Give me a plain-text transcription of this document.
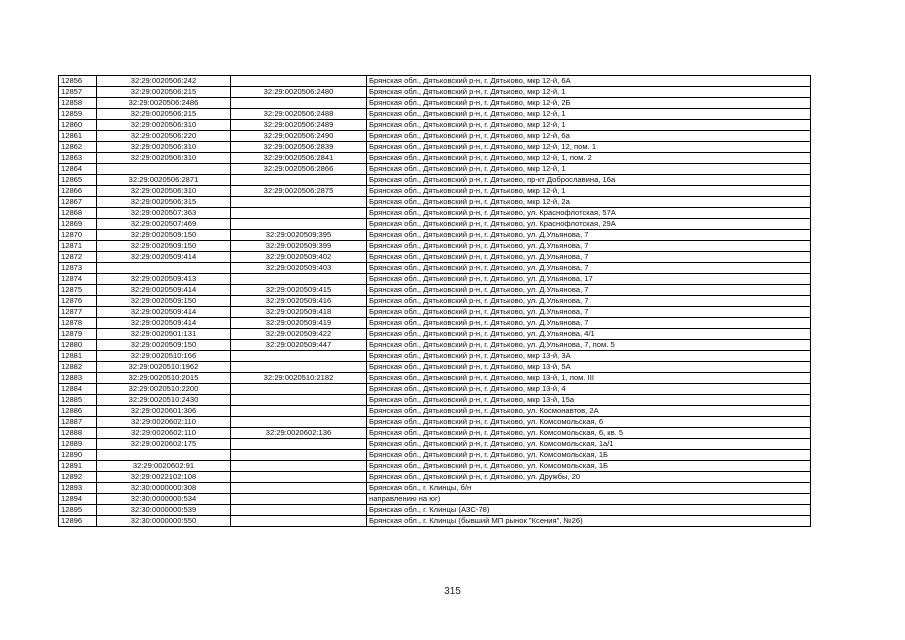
12856	32:29:0020506:242		Брянская обл., Дятьковский р-н, г. Дятьково, мкр 12-й, 6А
12857	32:29:0020506:215	32:29:0020506:2480	Брянская обл., Дятьковский р-н, г. Дятьково, мкр 12-й, 1
12858	32:29:0020506:2486		Брянская обл., Дятьковский р-н, г. Дятьково, мкр 12-й, 2Б
12859	32:29:0020506:215	32:29:0020506:2488	Брянская обл., Дятьковский р-н, г. Дятьково, мкр 12-й, 1
12860	32:29:0020506:310	32:29:0020506:2489	Брянская обл., Дятьковский р-н, г. Дятьково, мкр 12-й, 1
12861	32:29:0020506:220	32:29:0020506:2490	Брянская обл., Дятьковский р-н, г. Дятьково, мкр 12-й, 6а
12862	32:29:0020506:310	32:29:0020506:2839	Брянская обл., Дятьковский р-н, г. Дятьково, мкр 12-й, 12, пом. 1
12863	32:29:0020506:310	32:29:0020506:2841	Брянская обл., Дятьковский р-н, г. Дятьково, мкр 12-й, 1, пом. 2
12864		32:29:0020506:2866	Брянская обл., Дятьковский р-н, г. Дятьково, мкр 12-й, 1
12865	32:29:0020506:2871		Брянская обл., Дятьковский р-н, г. Дятьково, пр-кт Доброславина, 16а
12866	32:29:0020506:310	32:29:0020506:2875	Брянская обл., Дятьковский р-н, г. Дятьково, мкр 12-й, 1
12867	32:29:0020506:315		Брянская обл., Дятьковский р-н, г. Дятьково, мкр 12-й, 2а
12868	32:29:0020507:363		Брянская обл., Дятьковский р-н, г. Дятьково, ул. Краснофлотская, 57А
12869	32:29:0020507:469		Брянская обл., Дятьковский р-н, г. Дятьково, ул. Краснофлотская, 29А
12870	32:29:0020509:150	32:29:0020509:395	Брянская обл., Дятьковский р-н, г. Дятьково, ул. Д.Ульянова, 7
12871	32:29:0020509:150	32:29:0020509:399	Брянская обл., Дятьковский р-н, г. Дятьково, ул. Д.Ульянова, 7
12872	32:29:0020509:414	32:29:0020509:402	Брянская обл., Дятьковский р-н, г. Дятьково, ул. Д.Ульянова, 7
12873		32:29:0020509:403	Брянская обл., Дятьковский р-н, г. Дятьково, ул. Д.Ульянова, 7
12874	32:29:0020509:413		Брянская обл., Дятьковский р-н, г. Дятьково, ул. Д.Ульянова, 17
12875	32:29:0020509:414	32:29:0020509:415	Брянская обл., Дятьковский р-н, г. Дятьково, ул. Д.Ульянова, 7
12876	32:29:0020509:150	32:29:0020509:416	Брянская обл., Дятьковский р-н, г. Дятьково, ул. Д.Ульянова, 7
12877	32:29:0020509:414	32:29:0020509:418	Брянская обл., Дятьковский р-н, г. Дятьково, ул. Д.Ульянова, 7
12878	32:29:0020509:414	32:29:0020509:419	Брянская обл., Дятьковский р-н, г. Дятьково, ул. Д.Ульянова, 7
12879	32:29:0020501:131	32:29:0020509:422	Брянская обл., Дятьковский р-н, г. Дятьково, ул. Д.Ульянова, 4/1
12880	32:29:0020509:150	32:29:0020509:447	Брянская обл., Дятьковский р-н, г. Дятьково, ул. Д.Ульянова, 7, пом. 5
12881	32:29:0020510:166		Брянская обл., Дятьковский р-н, г. Дятьково, мкр 13-й, 3А
12882	32:29:0020510:1962		Брянская обл., Дятьковский р-н, г. Дятьково, мкр 13-й, 5А
12883	32:29:0020510:2015	32:29:0020510:2182	Брянская обл., Дятьковский р-н, г. Дятьково, мкр 13-й, 1, пом. III
12884	32:29:0020510:2200		Брянская обл., Дятьковский р-н, г. Дятьково, мкр 13-й, 4
12885	32:29:0020510:2430		Брянская обл., Дятьковский р-н, г. Дятьково, мкр 13-й, 15а
12886	32:29:0020601:306		Брянская обл., Дятьковский р-н, г. Дятьково, ул. Космонавтов, 2А
12887	32:29:0020602:110		Брянская обл., Дятьковский р-н, г. Дятьково, ул. Комсомольская, 6
12888	32:29:0020602:110	32:29:0020602:136	Брянская обл., Дятьковский р-н, г. Дятьково, ул. Комсомольская, 6, кв. 5
12889	32:29:0020602:175		Брянская обл., Дятьковский р-н, г. Дятьково, ул. Комсомольская, 1а/1
12890			Брянская обл., Дятьковский р-н, г. Дятьково, ул. Комсомольская, 1Б
12891	32:29:0020602:91		Брянская обл., Дятьковский р-н, г. Дятьково, ул. Комсомольская, 1Б
12892	32:29:0022102:108		Брянская обл., Дятьковский р-н, г. Дятьково, ул. Дружбы, 20
12893	32:30:0000000:308		Брянская обл., г. Клинцы, б/н
12894	32:30:0000000:534		направлению на юг)
12895	32:30:0000000:539		Брянская обл., г. Клинцы (АЗС-78)
12896	32:30:0000000:550		Брянская обл., г. Клинцы (бывший МП рынок "Ксения", №26)
315
